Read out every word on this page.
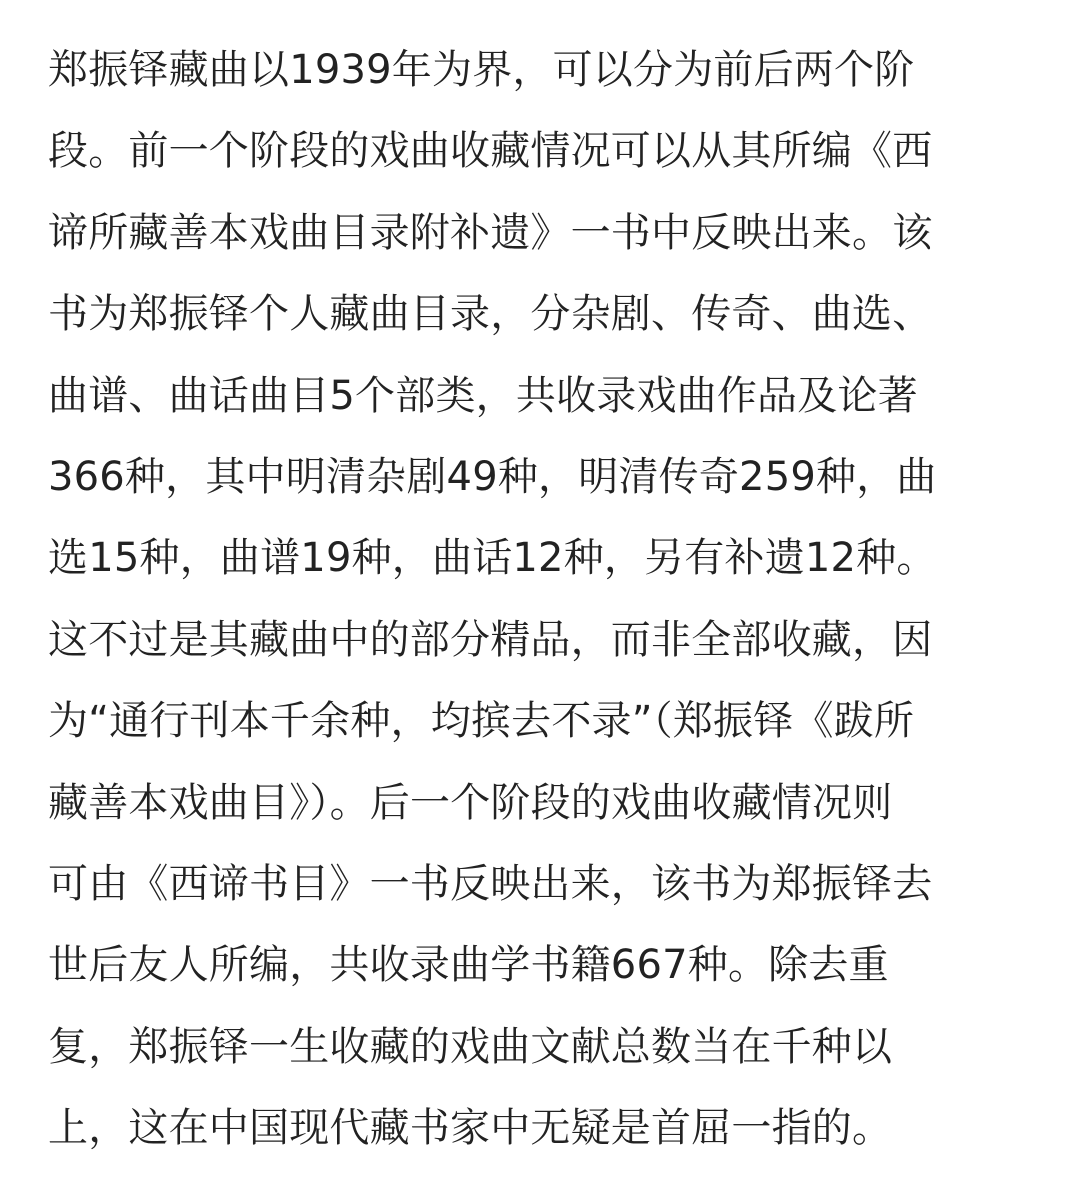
郑振铎藏曲以1939年为界，可以分为前后两个阶
段。前一个阶段的戏曲收藏情况可以从其所编《西
谛所藏善本戏曲目录附补遗》一书中反映出来。该
书为郑振铎个人藏曲目录，分杂剧、传奇、曲选、
曲谱、曲话曲目5个部类，共收录戏曲作品及论著
366种，其中明清杂剧49种，明清传奇259种，曲
选15种，曲谱19种，曲话12种，另有补遗12种。
这不过是其藏曲中的部分精品，而非全部收藏，因
为“通行刊本千余种，均摈去不录”（郑振铎《跋所
藏善本戏曲目》）。后一个阶段的戏曲收藏情况则
可由《西谛书目》一书反映出来，该书为郑振铎去
世后友人所编，共收录曲学书籍667种。除去重
复，郑振铎一生收藏的戏曲文献总数当在千种以
上，这在中国现代藏书家中无疑是首屈一指的。
